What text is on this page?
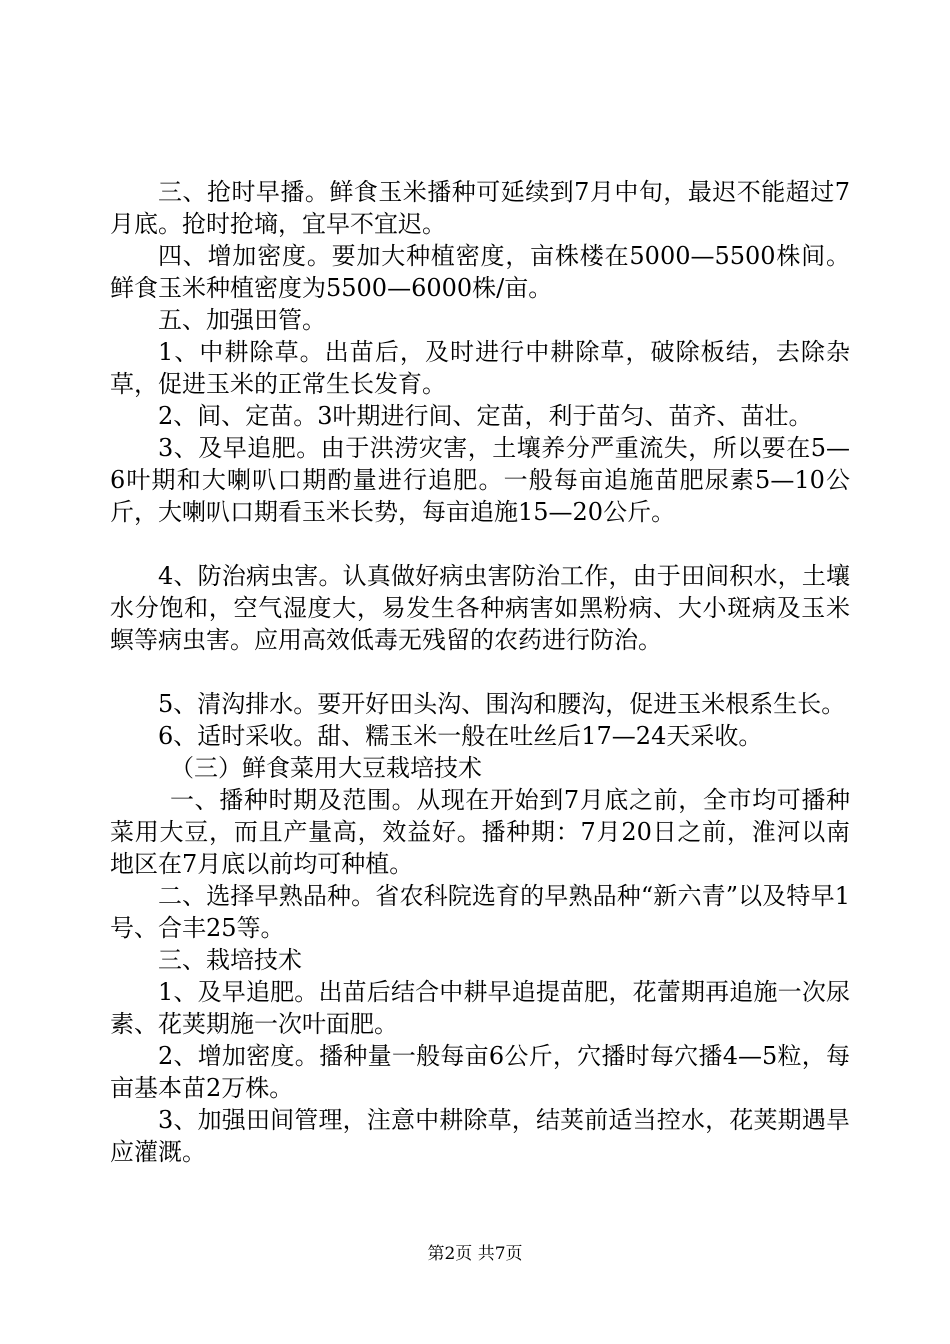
三、抢时早播。鲜食玉米播种可延续到7月中旬，最迟不能超过7月底。抢时抢墒，宜早不宜迟。

四、增加密度。要加大种植密度，亩株楼在5000—5500株间。鲜食玉米种植密度为5500—6000株/亩。

五、加强田管。

1、中耕除草。出苗后，及时进行中耕除草，破除板结，去除杂草，促进玉米的正常生长发育。

2、间、定苗。3叶期进行间、定苗，利于苗匀、苗齐、苗壮。

3、及早追肥。由于洪涝灾害，土壤养分严重流失，所以要在5—6叶期和大喇叭口期酌量进行追肥。一般每亩追施苗肥尿素5—10公斤，大喇叭口期看玉米长势，每亩追施15—20公斤。

4、防治病虫害。认真做好病虫害防治工作，由于田间积水，土壤水分饱和，空气湿度大，易发生各种病害如黑粉病、大小斑病及玉米螟等病虫害。应用高效低毒无残留的农药进行防治。

5、清沟排水。要开好田头沟、围沟和腰沟，促进玉米根系生长。

6、适时采收。甜、糯玉米一般在吐丝后17—24天采收。

（三）鲜食菜用大豆栽培技术

一、播种时期及范围。从现在开始到7月底之前，全市均可播种菜用大豆，而且产量高，效益好。播种期：7月20日之前，淮河以南地区在7月底以前均可种植。

二、选择早熟品种。省农科院选育的早熟品种“新六青”以及特早1号、合丰25等。

三、栽培技术

1、及早追肥。出苗后结合中耕早追提苗肥，花蕾期再追施一次尿素、花荚期施一次叶面肥。

2、增加密度。播种量一般每亩6公斤，穴播时每穴播4—5粒，每亩基本苗2万株。

3、加强田间管理，注意中耕除草，结荚前适当控水，花荚期遇旱应灌溉。

第2页 共7页
